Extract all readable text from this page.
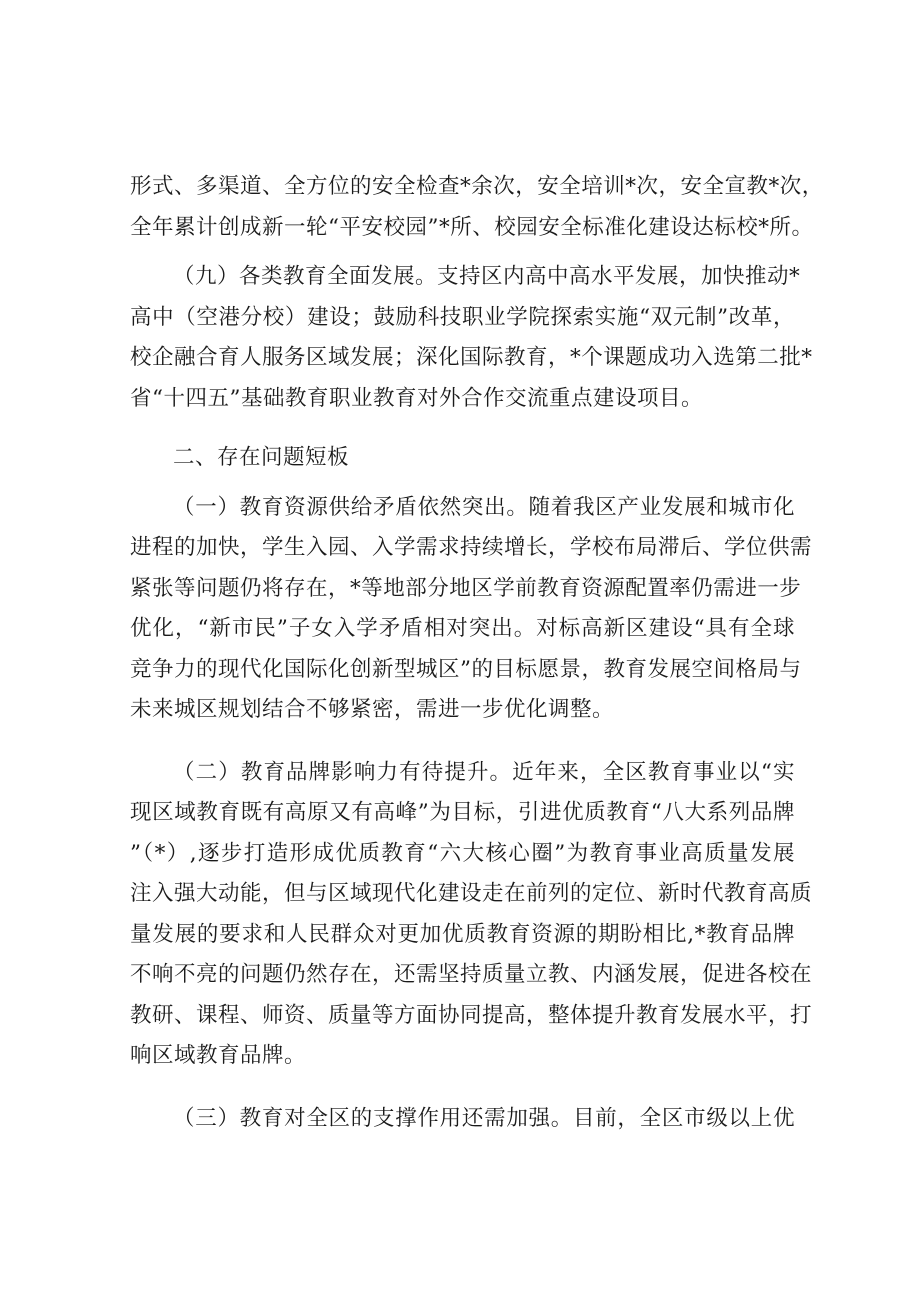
形式、多渠道、全方位的安全检查*余次，安全培训*次，安全宣教*次，
全年累计创成新一轮“平安校园”*所、校园安全标准化建设达标校*所。
（九）各类教育全面发展。支持区内高中高水平发展，加快推动*
高中（空港分校）建设；鼓励科技职业学院探索实施“双元制”改革，
校企融合育人服务区域发展；深化国际教育，*个课题成功入选第二批*
省“十四五”基础教育职业教育对外合作交流重点建设项目。
二、存在问题短板
（一）教育资源供给矛盾依然突出。随着我区产业发展和城市化
进程的加快，学生入园、入学需求持续增长，学校布局滞后、学位供需
紧张等问题仍将存在，*等地部分地区学前教育资源配置率仍需进一步
优化，“新市民”子女入学矛盾相对突出。对标高新区建设“具有全球
竞争力的现代化国际化创新型城区”的目标愿景，教育发展空间格局与
未来城区规划结合不够紧密，需进一步优化调整。
（二）教育品牌影响力有待提升。近年来，全区教育事业以“实
现区域教育既有高原又有高峰”为目标，引进优质教育“八大系列品牌
”（*）,逐步打造形成优质教育“六大核心圈”为教育事业高质量发展
注入强大动能，但与区域现代化建设走在前列的定位、新时代教育高质
量发展的要求和人民群众对更加优质教育资源的期盼相比,*教育品牌
不响不亮的问题仍然存在，还需坚持质量立教、内涵发展，促进各校在
教研、课程、师资、质量等方面协同提高，整体提升教育发展水平，打
响区域教育品牌。
（三）教育对全区的支撑作用还需加强。目前，全区市级以上优
